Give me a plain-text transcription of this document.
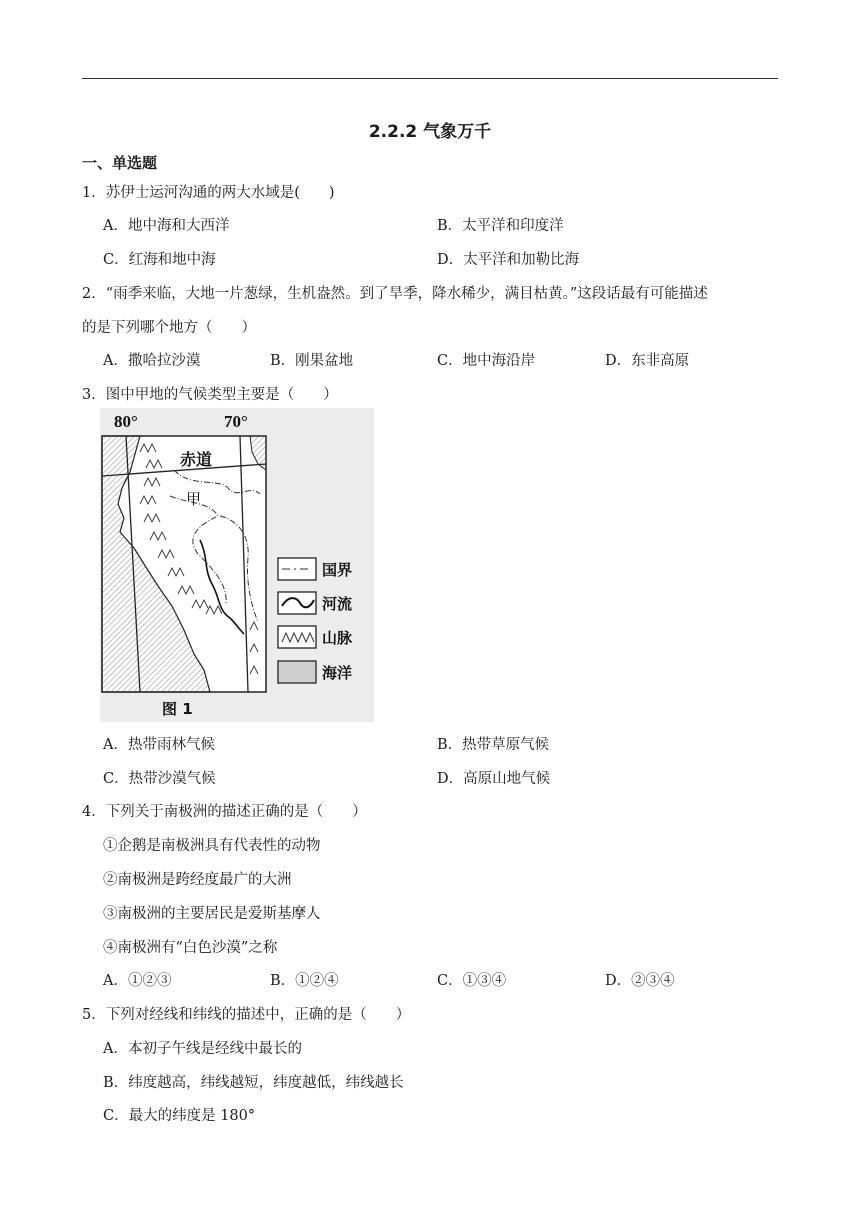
2.2.2 气象万千
一、单选题
1．苏伊士运河沟通的两大水域是(　　)
A．地中海和大西洋	B．太平洋和印度洋
C．红海和地中海	D．太平洋和加勒比海
2．“雨季来临，大地一片葱绿，生机盎然。到了旱季，降水稀少，满目枯黄。”这段话最有可能描述
的是下列哪个地方（　　）
A．撒哈拉沙漠	B．刚果盆地	C．地中海沿岸	D．东非高原
3．图中甲地的气候类型主要是（　　）
80°	70°
赤道
甲
国界
河流
山脉
海洋
图 1
A．热带雨林气候	B．热带草原气候
C．热带沙漠气候	D．高原山地气候
4．下列关于南极洲的描述正确的是（　　）
①企鹅是南极洲具有代表性的动物
②南极洲是跨经度最广的大洲
③南极洲的主要居民是爱斯基摩人
④南极洲有“白色沙漠”之称
A．①②③	B．①②④	C．①③④	D．②③④
5．下列对经线和纬线的描述中，正确的是（　　）
A．本初子午线是经线中最长的
B．纬度越高，纬线越短，纬度越低，纬线越长
C．最大的纬度是 180°
